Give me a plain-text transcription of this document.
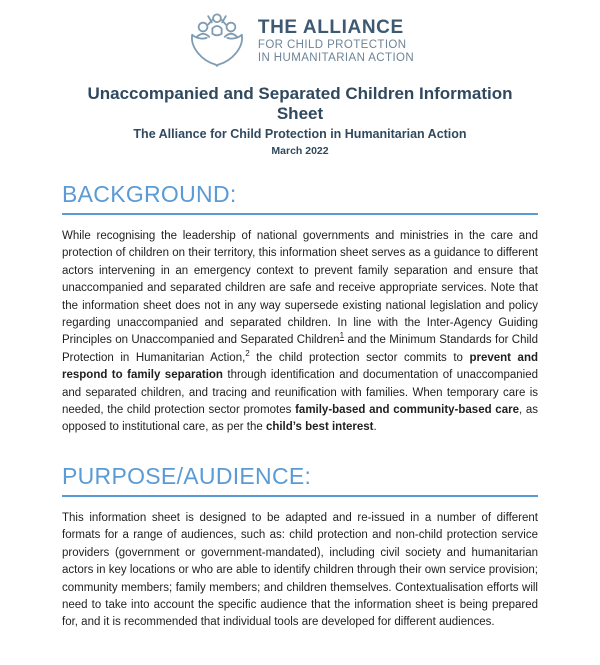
THE ALLIANCE
FOR CHILD PROTECTION
IN HUMANITARIAN ACTION
Unaccompanied and Separated Children Information Sheet
The Alliance for Child Protection in Humanitarian Action
March 2022
BACKGROUND:

While recognising the leadership of national governments and ministries in the care and protection of children on their territory, this information sheet serves as a guidance to different actors intervening in an emergency context to prevent family separation and ensure that unaccompanied and separated children are safe and receive appropriate services. Note that the information sheet does not in any way supersede existing national legislation and policy regarding unaccompanied and separated children. In line with the Inter-Agency Guiding Principles on Unaccompanied and Separated Children$^1$ and the Minimum Standards for Child Protection in Humanitarian Action,$^2$ the child protection sector commits to prevent and respond to family separation through identification and documentation of unaccompanied and separated children, and tracing and reunification with families. When temporary care is needed, the child protection sector promotes family-based and community-based care, as opposed to institutional care, as per the child’s best interest.

PURPOSE/AUDIENCE:

This information sheet is designed to be adapted and re-issued in a number of different formats for a range of audiences, such as: child protection and non-child protection service providers (government or government-mandated), including civil society and humanitarian actors in key locations or who are able to identify children through their own service provision; community members; family members; and children themselves. Contextualisation efforts will need to take into account the specific audience that the information sheet is being prepared for, and it is recommended that individual tools are developed for different audiences.
